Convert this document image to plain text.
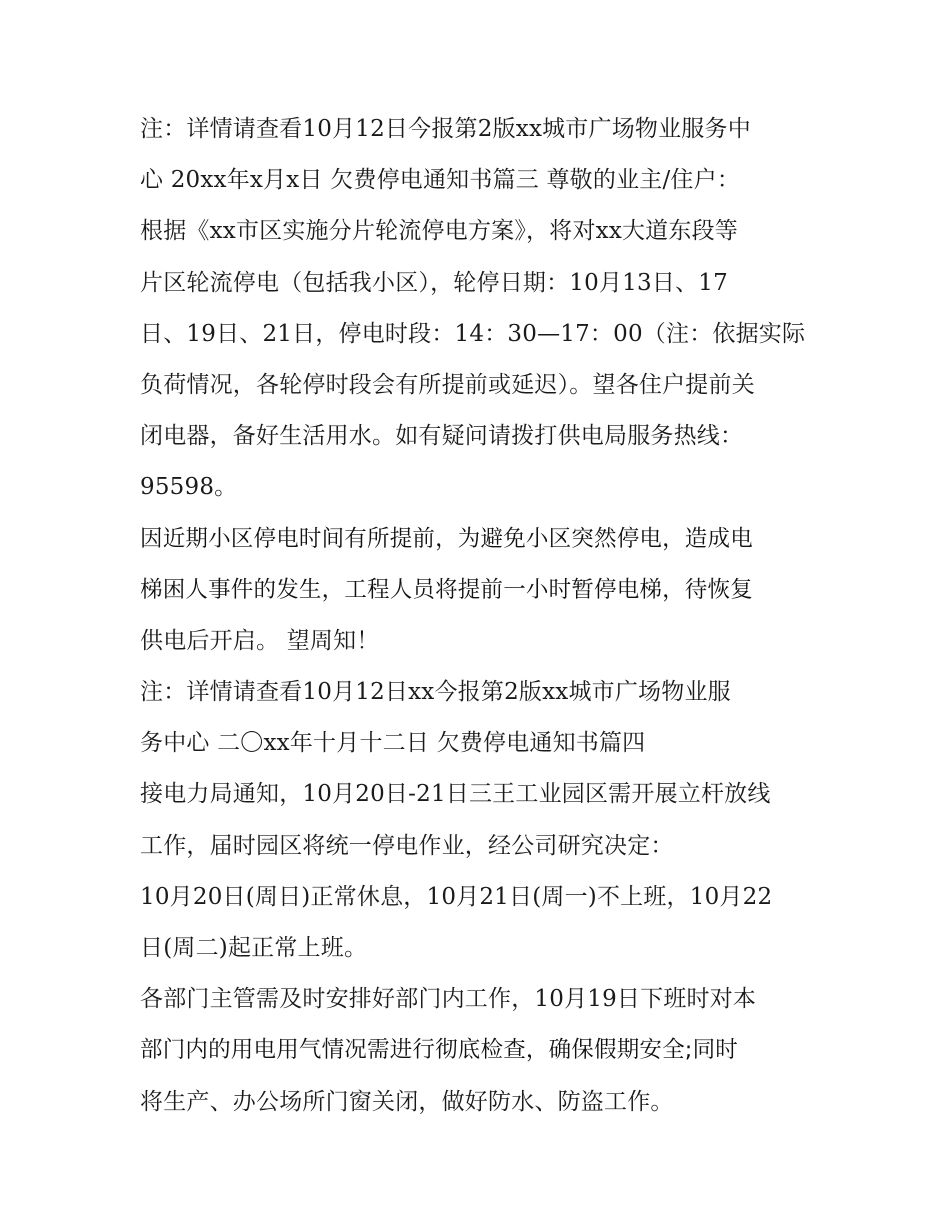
注：详情请查看10月12日今报第2版xx城市广场物业服务中
心 20xx年x月x日 欠费停电通知书篇三 尊敬的业主/住户：
根据《xx市区实施分片轮流停电方案》，将对xx大道东段等
片区轮流停电（包括我小区），轮停日期：10月13日、17
日、19日、21日，停电时段：14：30—17：00（注：依据实际
负荷情况，各轮停时段会有所提前或延迟）。望各住户提前关
闭电器，备好生活用水。如有疑问请拨打供电局服务热线：
95598。
因近期小区停电时间有所提前，为避免小区突然停电，造成电
梯困人事件的发生，工程人员将提前一小时暂停电梯，待恢复
供电后开启。 望周知！
注：详情请查看10月12日xx今报第2版xx城市广场物业服
务中心 二〇xx年十月十二日 欠费停电通知书篇四
接电力局通知，10月20日-21日三王工业园区需开展立杆放线
工作，届时园区将统一停电作业，经公司研究决定：
10月20日(周日)正常休息，10月21日(周一)不上班，10月22
日(周二)起正常上班。
各部门主管需及时安排好部门内工作，10月19日下班时对本
部门内的用电用气情况需进行彻底检查，确保假期安全;同时
将生产、办公场所门窗关闭，做好防水、防盗工作。
